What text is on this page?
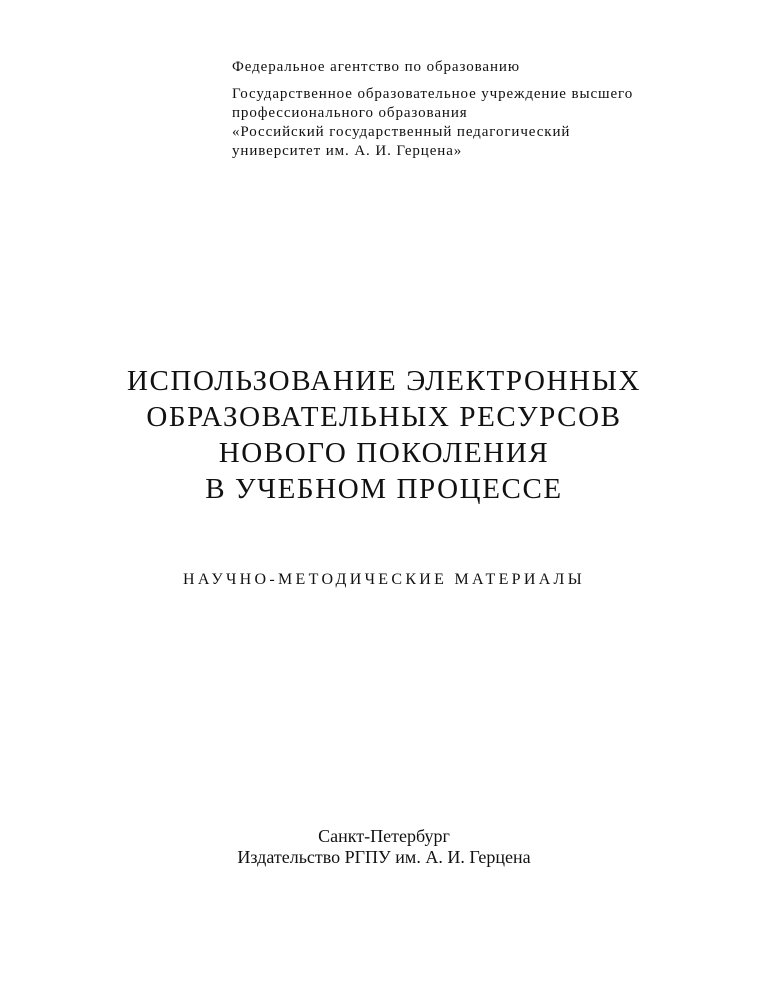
Федеральное агентство по образованию
Государственное образовательное учреждение высшего
профессионального образования
«Российский государственный педагогический
университет им. А. И. Герцена»
ИСПОЛЬЗОВАНИЕ ЭЛЕКТРОННЫХ
ОБРАЗОВАТЕЛЬНЫХ РЕСУРСОВ
НОВОГО ПОКОЛЕНИЯ
В УЧЕБНОМ ПРОЦЕССЕ
НАУЧНО-МЕТОДИЧЕСКИЕ МАТЕРИАЛЫ
Санкт-Петербург
Издательство РГПУ им. А. И. Герцена
